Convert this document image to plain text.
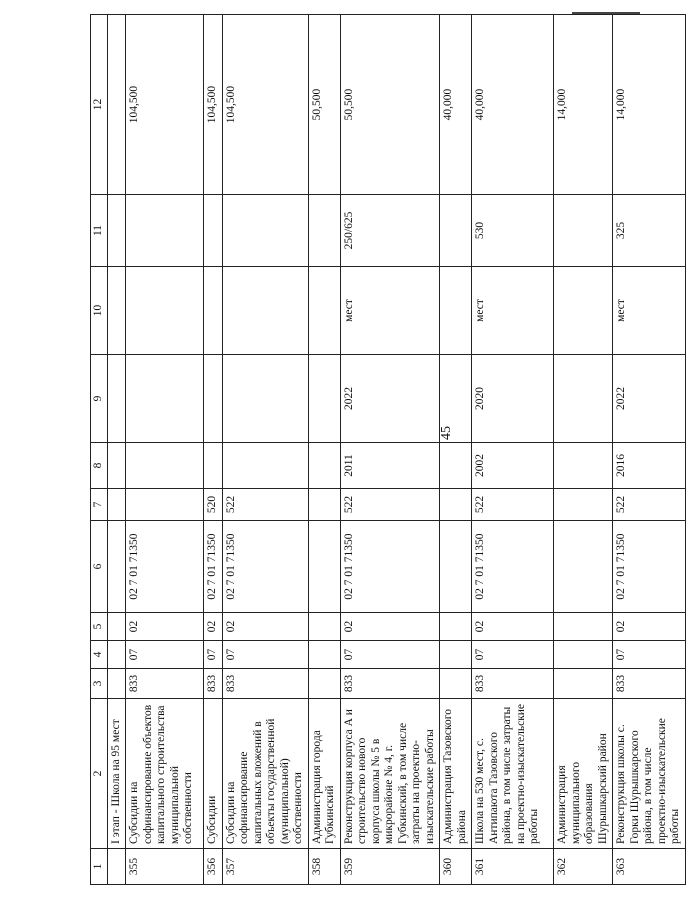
45
1	2	3	4	5	6	7	8	9	10	11	12
	I этап - Школа на 95 мест										
355	Субсидии на софинансирование объектов капитального строительства муниципальной собственности	833	07	02	02 7 01 71350						104,500
356	Субсидии	833	07	02	02 7 01 71350	520					104,500
357	Субсидии на софинансирование капитальных вложений в объекты государственной (муниципальной) собственности	833	07	02	02 7 01 71350	522					104,500
358	Администрация города Губкинский										50,500
359	Реконструкция корпуса А и строительство нового корпуса школы № 5 в микрорайоне № 4, г. Губкинский, в том числе затраты на проектно-изыскательские работы	833	07	02	02 7 01 71350	522	2011	2022	мест	250/625	50,500
360	Администрация Тазовского района										40,000
361	Школа на 530 мест, с. Антипаюта Тазовского района, в том числе затраты на проектно-изыскательские работы	833	07	02	02 7 01 71350	522	2002	2020	мест	530	40,000
362	Администрация муниципального образования Шурышкарский район										14,000
363	Реконструкция школы с. Горки Шурышкарского района, в том числе проектно-изыскательские работы	833	07	02	02 7 01 71350	522	2016	2022	мест	325	14,000
